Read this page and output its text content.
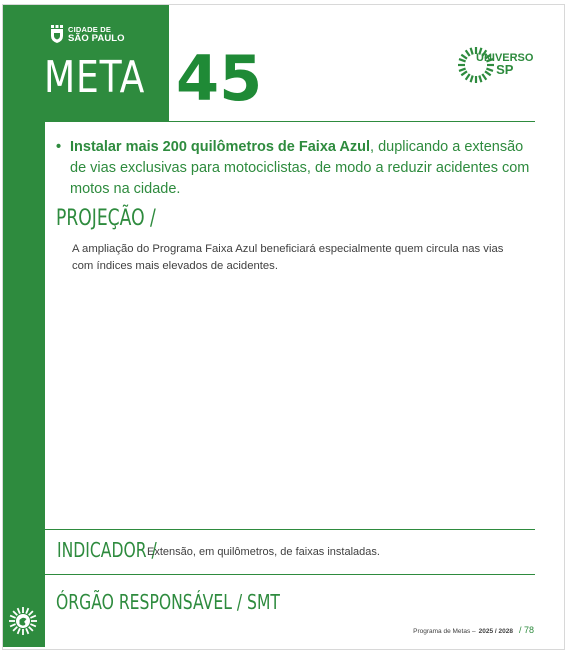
CIDADE DE
SÃO PAULO
META 45	UNIVERSO
SP
• Instalar mais 200 quilômetros de Faixa Azul, duplicando a extensão de vias exclusivas para motociclistas, de modo a reduzir acidentes com motos na cidade.
PROJEÇÃO /
A ampliação do Programa Faixa Azul beneficiará especialmente quem circula nas vias com índices mais elevados de acidentes.
INDICADOR /
Extensão, em quilômetros, de faixas instaladas.
ÓRGÃO RESPONSÁVEL / SMT
Programa de Metas – 2025 / 2028 / 78
